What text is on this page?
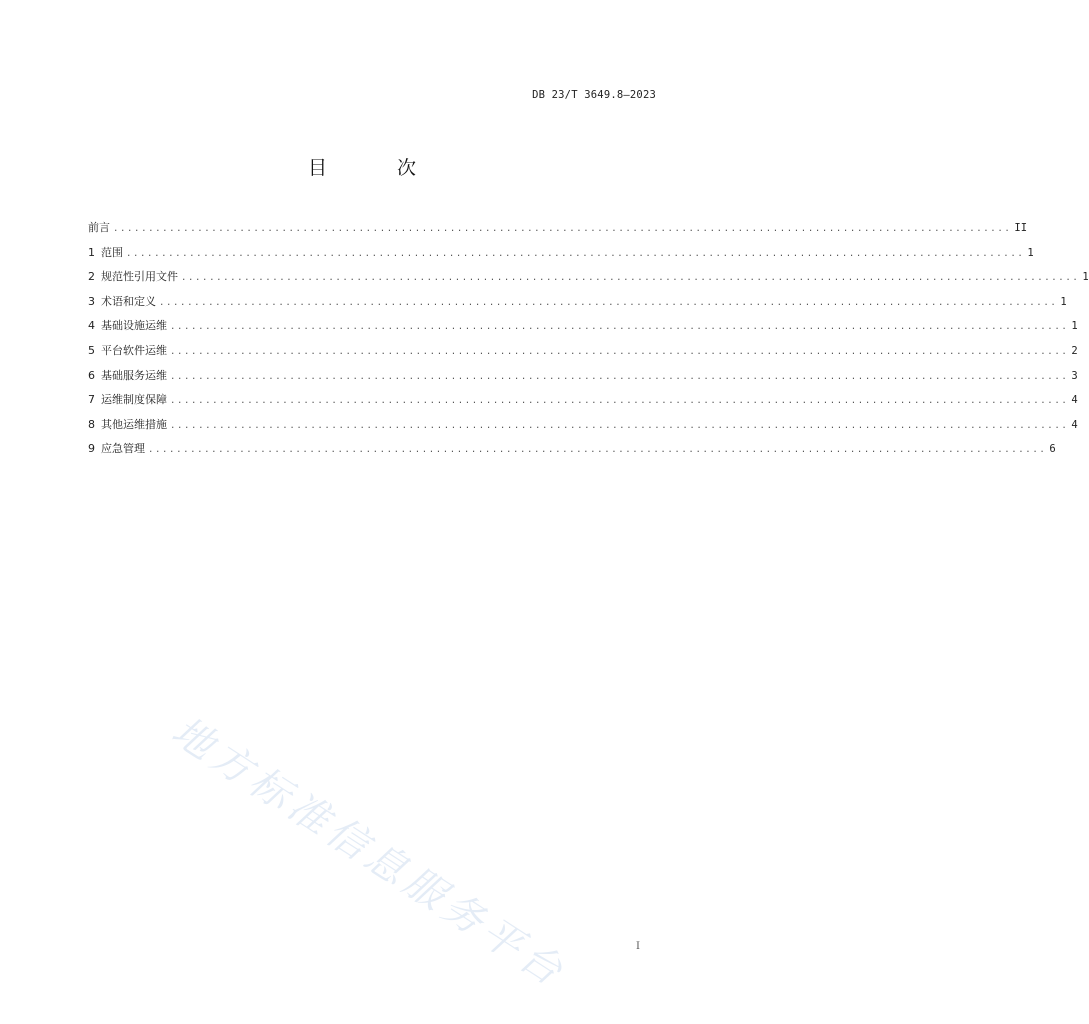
DB 23/T 3649.8—2023
目 次
前言 ................................................................................................................................ II
1 范围 ................................................................................................................................ 1
2 规范性引用文件 ................................................................................................................................ 1
3 术语和定义 ................................................................................................................................ 1
4 基础设施运维 ................................................................................................................................ 1
5 平台软件运维 ................................................................................................................................ 2
6 基础服务运维 ................................................................................................................................ 3
7 运维制度保障 ................................................................................................................................ 4
8 其他运维措施 ................................................................................................................................ 4
9 应急管理 ................................................................................................................................ 6
地方标准信息服务平台	I
